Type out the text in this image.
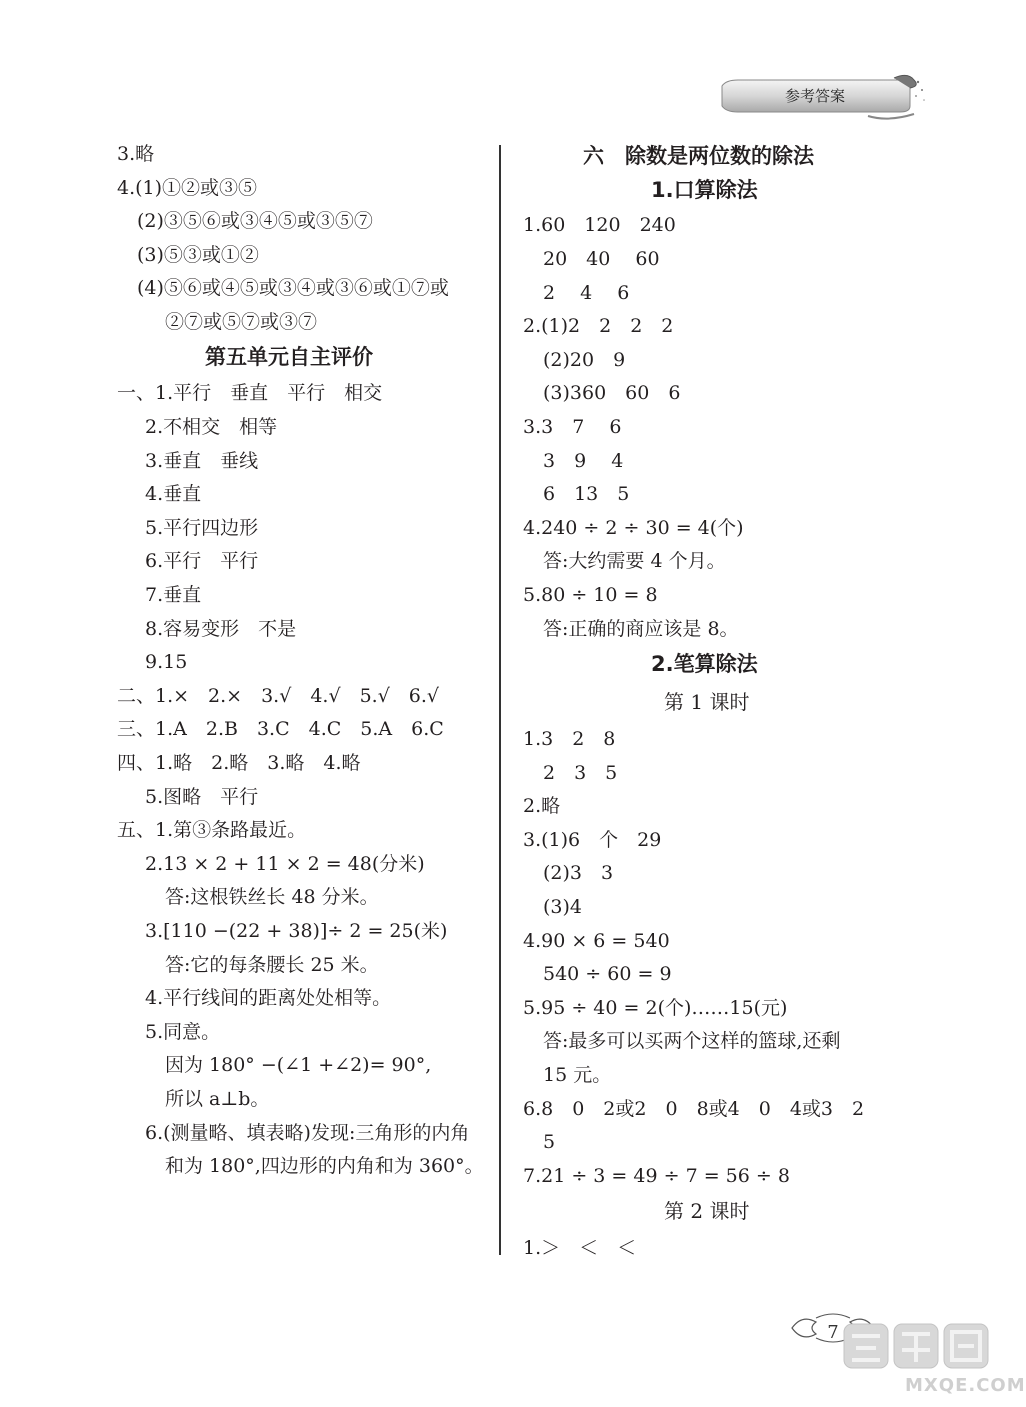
参考答案
3.略
4.(1)①②或③⑤
(2)③⑤⑥或③④⑤或③⑤⑦
(3)⑤③或①②
(4)⑤⑥或④⑤或③④或③⑥或①⑦或
②⑦或⑤⑦或③⑦
第五单元自主评价
一、1.平行　垂直　平行　相交
2.不相交　相等
3.垂直　垂线
4.垂直
5.平行四边形
6.平行　平行
7.垂直
8.容易变形　不是
9.15
二、1.×　2.×　3.√　4.√　5.√　6.√
三、1.A　2.B　3.C　4.C　5.A　6.C
四、1.略　2.略　3.略　4.略
5.图略　平行
五、1.第③条路最近。
2.13 × 2 + 11 × 2 = 48(分米)
答:这根铁丝长 48 分米。
3.[110 −(22 + 38)]÷ 2 = 25(米)
答:它的每条腰长 25 米。
4.平行线间的距离处处相等。
5.同意。
因为 180° −(∠1 +∠2)= 90°,
所以 a⊥b。
6.(测量略、填表略)发现:三角形的内角
和为 180°,四边形的内角和为 360°。
六　除数是两位数的除法
1.口算除法
1.60　120　240
20　40　 60
2　 4　 6
2.(1)2　2　2　2
(2)20　9
(3)360　60　6
3.3　7　 6
3　9　 4
6　13　5
4.240 ÷ 2 ÷ 30 = 4(个)
答:大约需要 4 个月。
5.80 ÷ 10 = 8
答:正确的商应该是 8。
2.笔算除法
第 1 课时
1.3　2　8
2　3　5
2.略
3.(1)6　个　29
(2)3　3
(3)4
4.90 × 6 = 540
540 ÷ 60 = 9
5.95 ÷ 40 = 2(个)……15(元)
答:最多可以买两个这样的篮球,还剩
15 元。
6.8　0　2或2　0　8或4　0　4或3　2
5
7.21 ÷ 3 = 49 ÷ 7 = 56 ÷ 8
第 2 课时
1.＞　＜　＜
7
MXQE.COM
